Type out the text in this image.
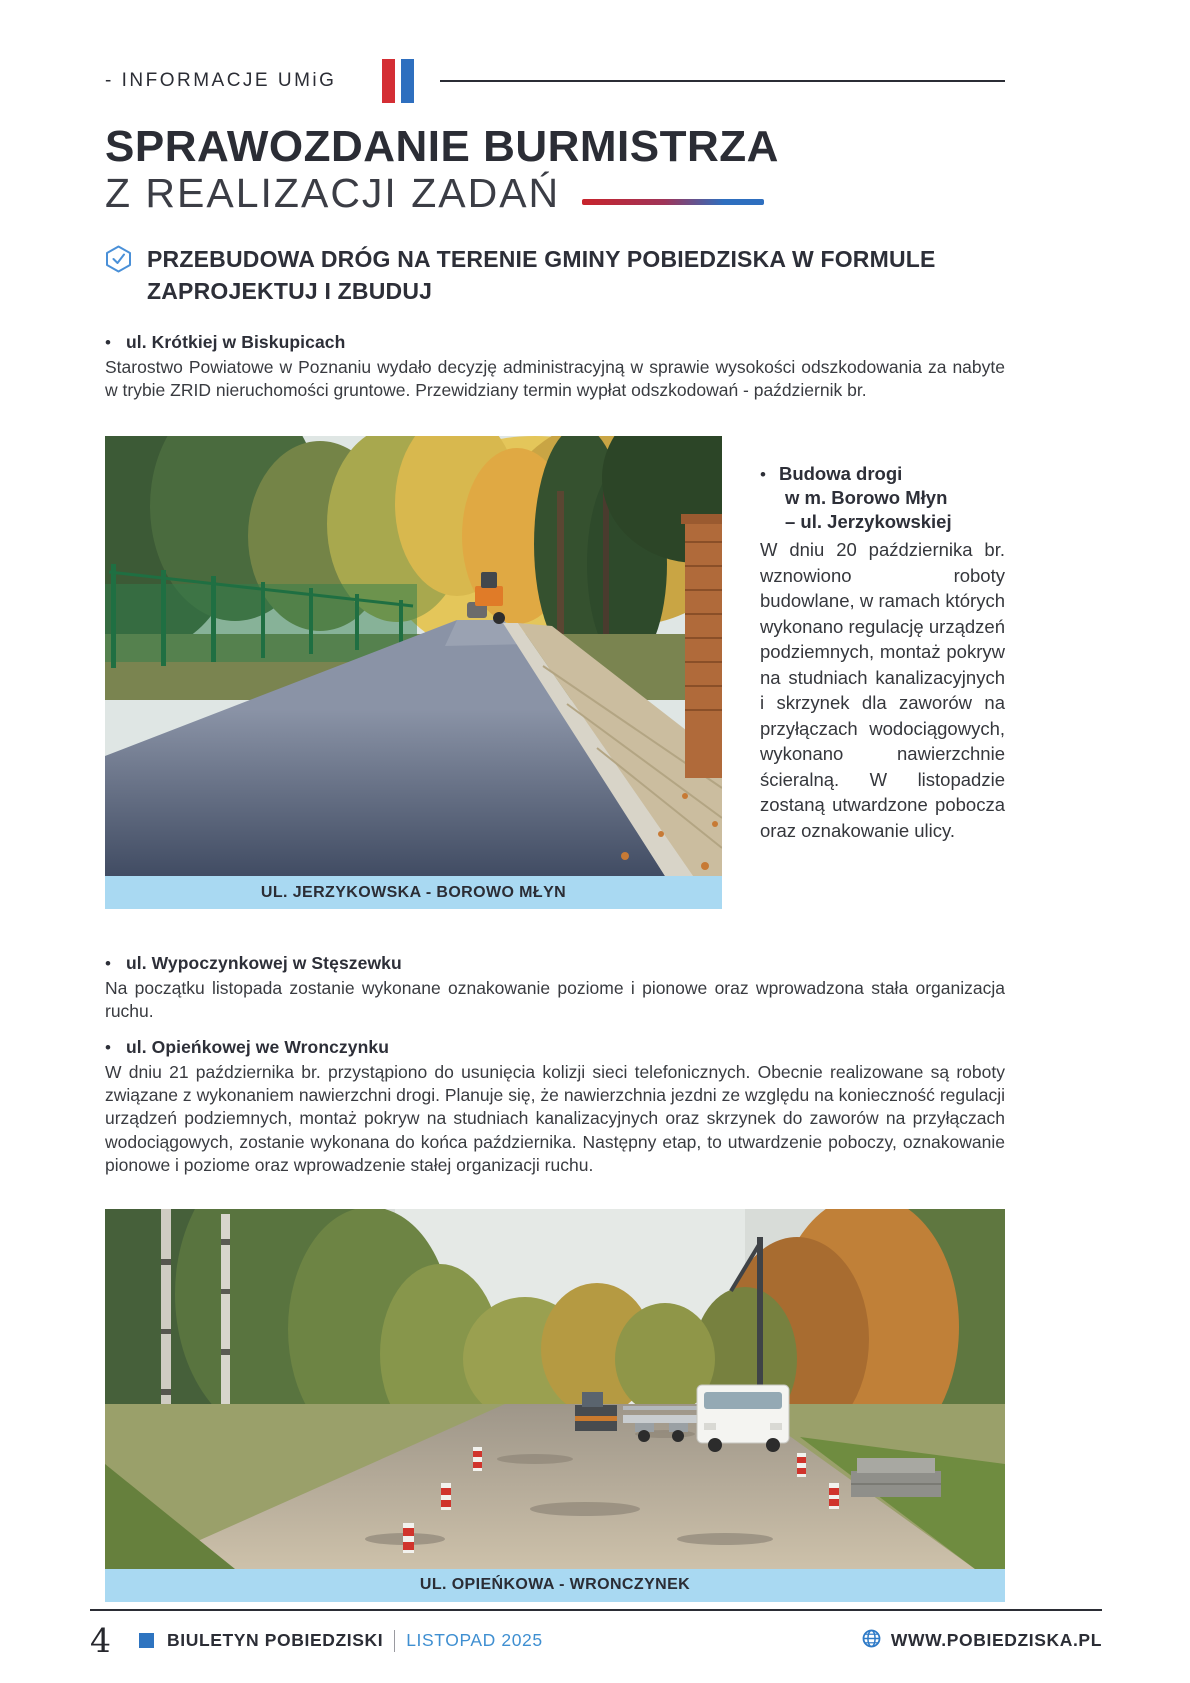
- INFORMACJE UMiG
SPRAWOZDANIE BURMISTRZA
Z REALIZACJI ZADAŃ
PRZEBUDOWA DRÓG NA TERENIE GMINY POBIEDZISKA W FORMULE ZAPROJEKTUJ I ZBUDUJ
• ul. Krótkiej w Biskupicach
Starostwo Powiatowe w Poznaniu wydało decyzję administracyjną w sprawie wysokości odszkodowania za nabyte w trybie ZRID nieruchomości gruntowe. Przewidziany termin wypłat odszkodowań - październik br.
UL. JERZYKOWSKA - BOROWO MŁYN
• Budowa drogi
w m. Borowo Młyn
– ul. Jerzykowskiej
W dniu 20 października br. wznowiono roboty budowlane, w ramach których wykonano regulację urządzeń podziemnych, montaż pokryw na studniach kanalizacyjnych i skrzynek dla zaworów na przyłączach wodociągowych, wykonano nawierzchnie ścieralną. W listopadzie zostaną utwardzone pobocza oraz oznakowanie ulicy.
• ul. Wypoczynkowej w Stęszewku
Na początku listopada zostanie wykonane oznakowanie poziome i pionowe oraz wprowadzona stała organizacja ruchu.
• ul. Opieńkowej we Wronczynku
W dniu 21 października br. przystąpiono do usunięcia kolizji sieci telefonicznych. Obecnie realizowane są roboty związane z wykonaniem nawierzchni drogi. Planuje się, że nawierzchnia jezdni ze względu na konieczność regulacji urządzeń podziemnych, montaż pokryw na studniach kanalizacyjnych oraz skrzynek do zaworów na przyłączach wodociągowych, zostanie wykonana do końca października. Następny etap, to utwardzenie poboczy, oznakowanie pionowe i poziome oraz wprowadzenie stałej organizacji ruchu.
UL. OPIEŃKOWA - WRONCZYNEK
4	BIULETYN POBIEDZISKI LISTOPAD 2025	WWW.POBIEDZISKA.PL
